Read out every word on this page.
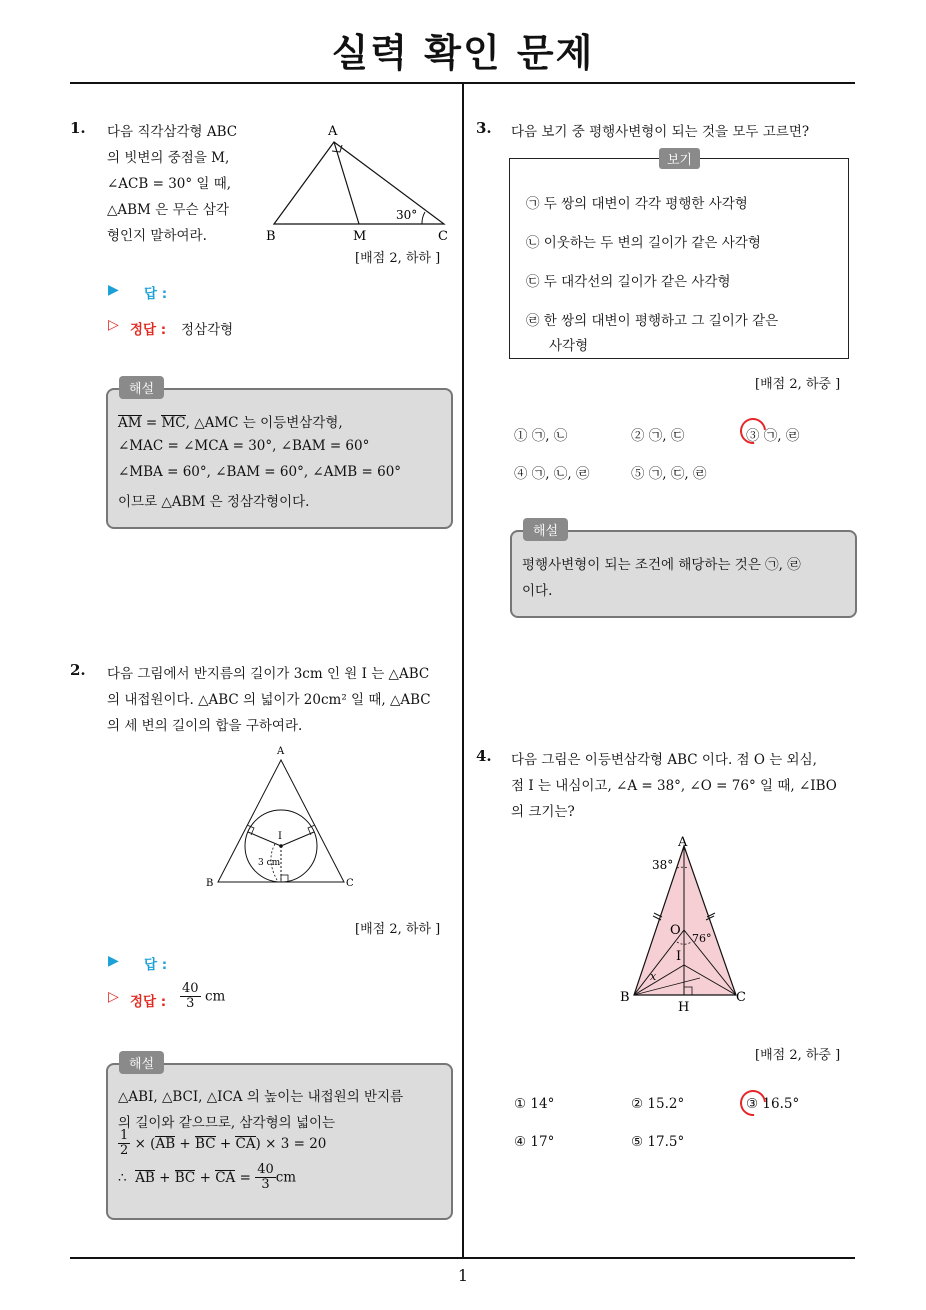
실력 확인 문제
1
1. 다음 직각삼각형 ABC
의 빗변의 중점을 M,
∠ACB = 30° 일 때,
△ABM 은 무슨 삼각
형인지 말하여라.
A
B	M	C
30°
[배점 2, 하하 ]
▶ 답 :
▷ 정답 : 정삼각형
해설
AM = MC, △AMC 는 이등변삼각형,
∠MAC = ∠MCA = 30°, ∠BAM = 60°
∠MBA = 60°, ∠BAM = 60°, ∠AMB = 60°
이므로 △ABM 은 정삼각형이다.
2. 다음 그림에서 반지름의 길이가 3cm 인 원 I 는 △ABC
의 내접원이다. △ABC 의 넓이가 20cm² 일 때, △ABC
의 세 변의 길이의 합을 구하여라.
A
B	C
I
3 cm
[배점 2, 하하 ]
▶ 답 :
▷ 정답 : $\frac{40}{3}$ cm
해설
△ABI, △BCI, △ICA 의 높이는 내접원의 반지름
의 길이와 같으므로, 삼각형의 넓이는
$\frac{1}{2} \times (AB$ + BC + CA) × 3 = 20
∴ AB + BC + CA = $\frac{40}{3}$ cm
3. 다음 보기 중 평행사변형이 되는 것을 모두 고르면?
보기
㉠ 두 쌍의 대변이 각각 평행한 사각형
㉡ 이웃하는 두 변의 길이가 같은 사각형
㉢ 두 대각선의 길이가 같은 사각형
㉣ 한 쌍의 대변이 평행하고 그 길이가 같은
사각형
[배점 2, 하중 ]
① ㉠, ㉡	② ㉠, ㉢	③ ㉠, ㉣
④ ㉠, ㉡, ㉣	⑤ ㉠, ㉢, ㉣
해설
평행사변형이 되는 조건에 해당하는 것은 ㉠, ㉣
이다.
4. 다음 그림은 이등변삼각형 ABC 이다. 점 O 는 외심,
점 I 는 내심이고, ∠A = 38°, ∠O = 76° 일 때, ∠IBO
의 크기는?
A
B	C
H
O
I
x
38°
76°
[배점 2, 하중 ]
① 14°	② 15.2°	③ 16.5°
④ 17°	⑤ 17.5°
